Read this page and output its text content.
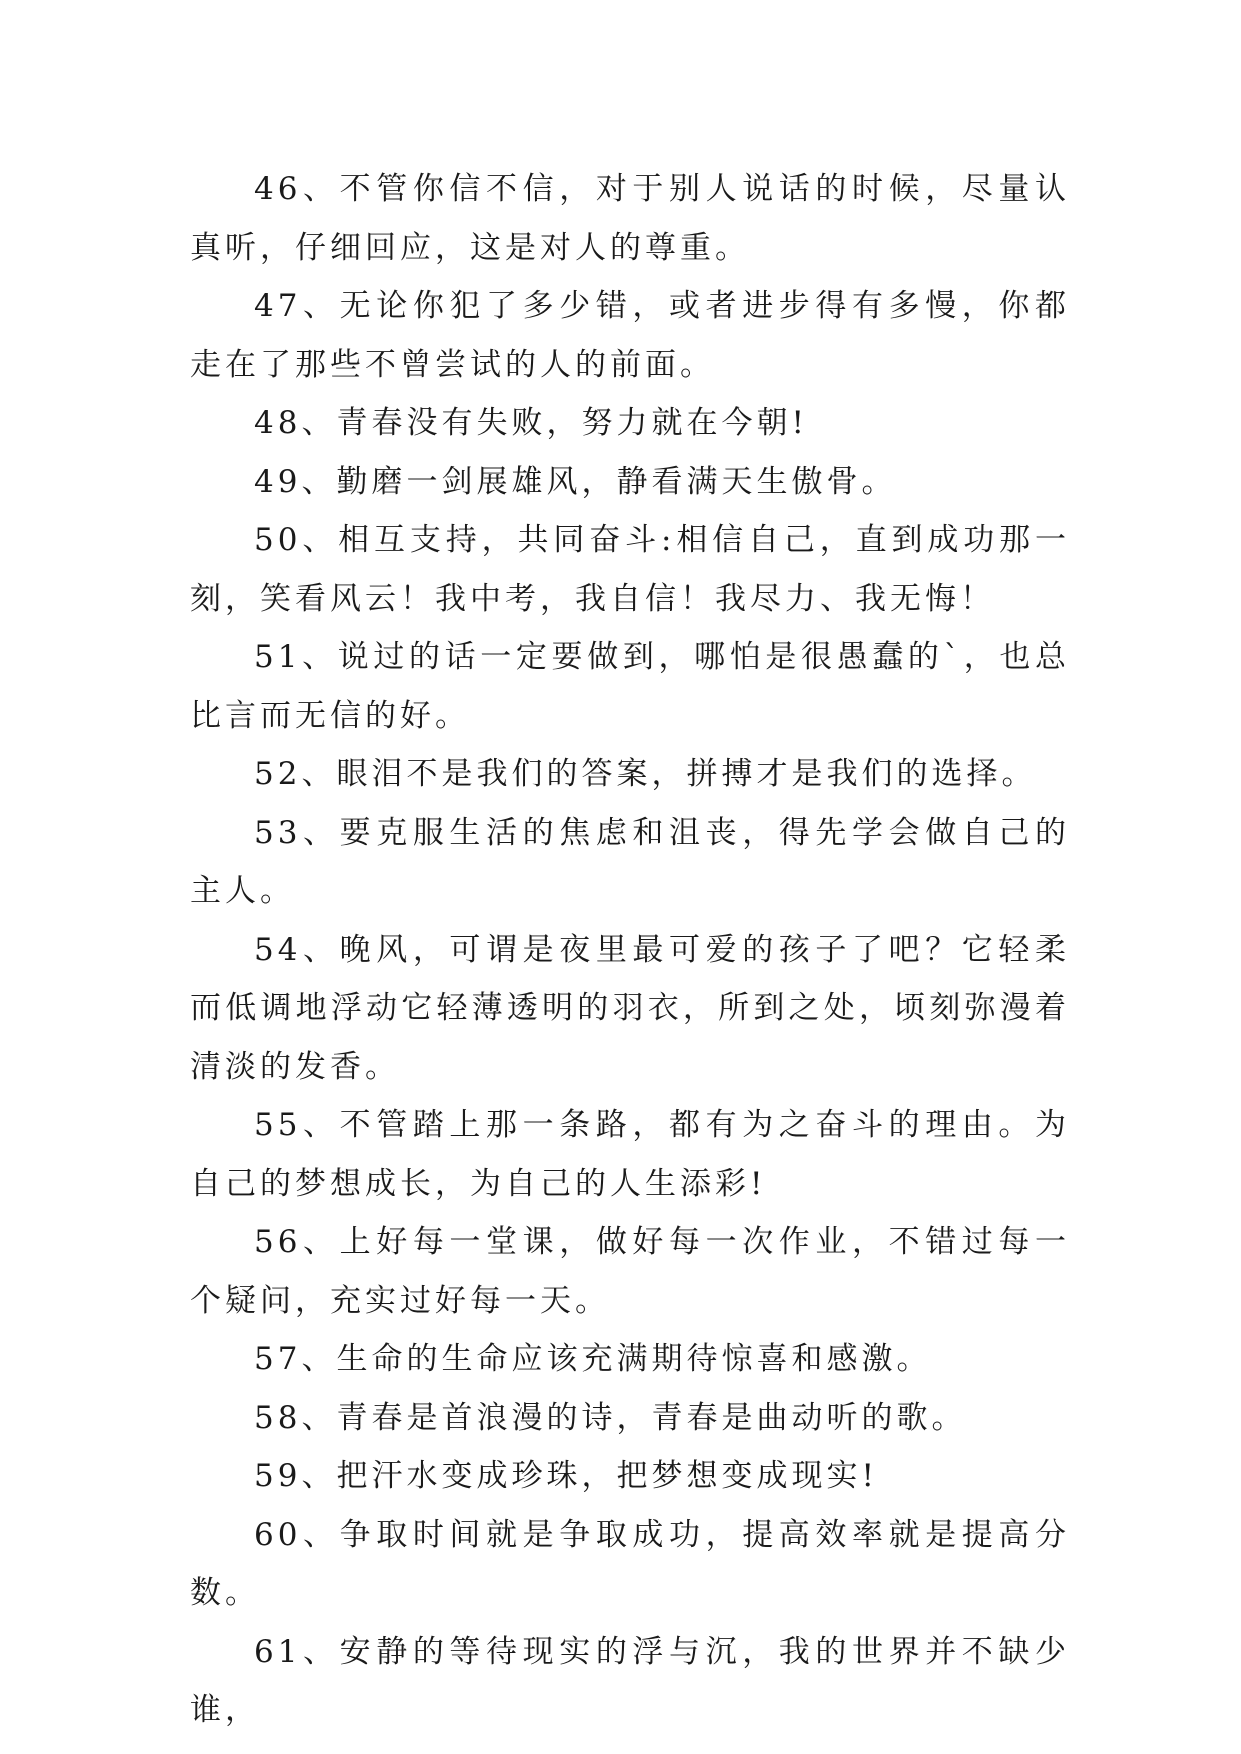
46、不管你信不信，对于别人说话的时候，尽量认真听，仔细回应，这是对人的尊重。

47、无论你犯了多少错，或者进步得有多慢，你都走在了那些不曾尝试的人的前面。

48、青春没有失败，努力就在今朝!

49、勤磨一剑展雄风，静看满天生傲骨。

50、相互支持，共同奋斗:相信自己，直到成功那一刻，笑看风云！我中考，我自信！我尽力、我无悔！

51、说过的话一定要做到，哪怕是很愚蠢的`，也总比言而无信的好。

52、眼泪不是我们的答案，拼搏才是我们的选择。

53、要克服生活的焦虑和沮丧，得先学会做自己的主人。

54、晚风，可谓是夜里最可爱的孩子了吧？它轻柔而低调地浮动它轻薄透明的羽衣，所到之处，顷刻弥漫着清淡的发香。

55、不管踏上那一条路，都有为之奋斗的理由。为自己的梦想成长，为自己的人生添彩!

56、上好每一堂课，做好每一次作业，不错过每一个疑问，充实过好每一天。

57、生命的生命应该充满期待惊喜和感激。

58、青春是首浪漫的诗，青春是曲动听的歌。

59、把汗水变成珍珠，把梦想变成现实!

60、争取时间就是争取成功，提高效率就是提高分数。

61、安静的等待现实的浮与沉，我的世界并不缺少谁，
